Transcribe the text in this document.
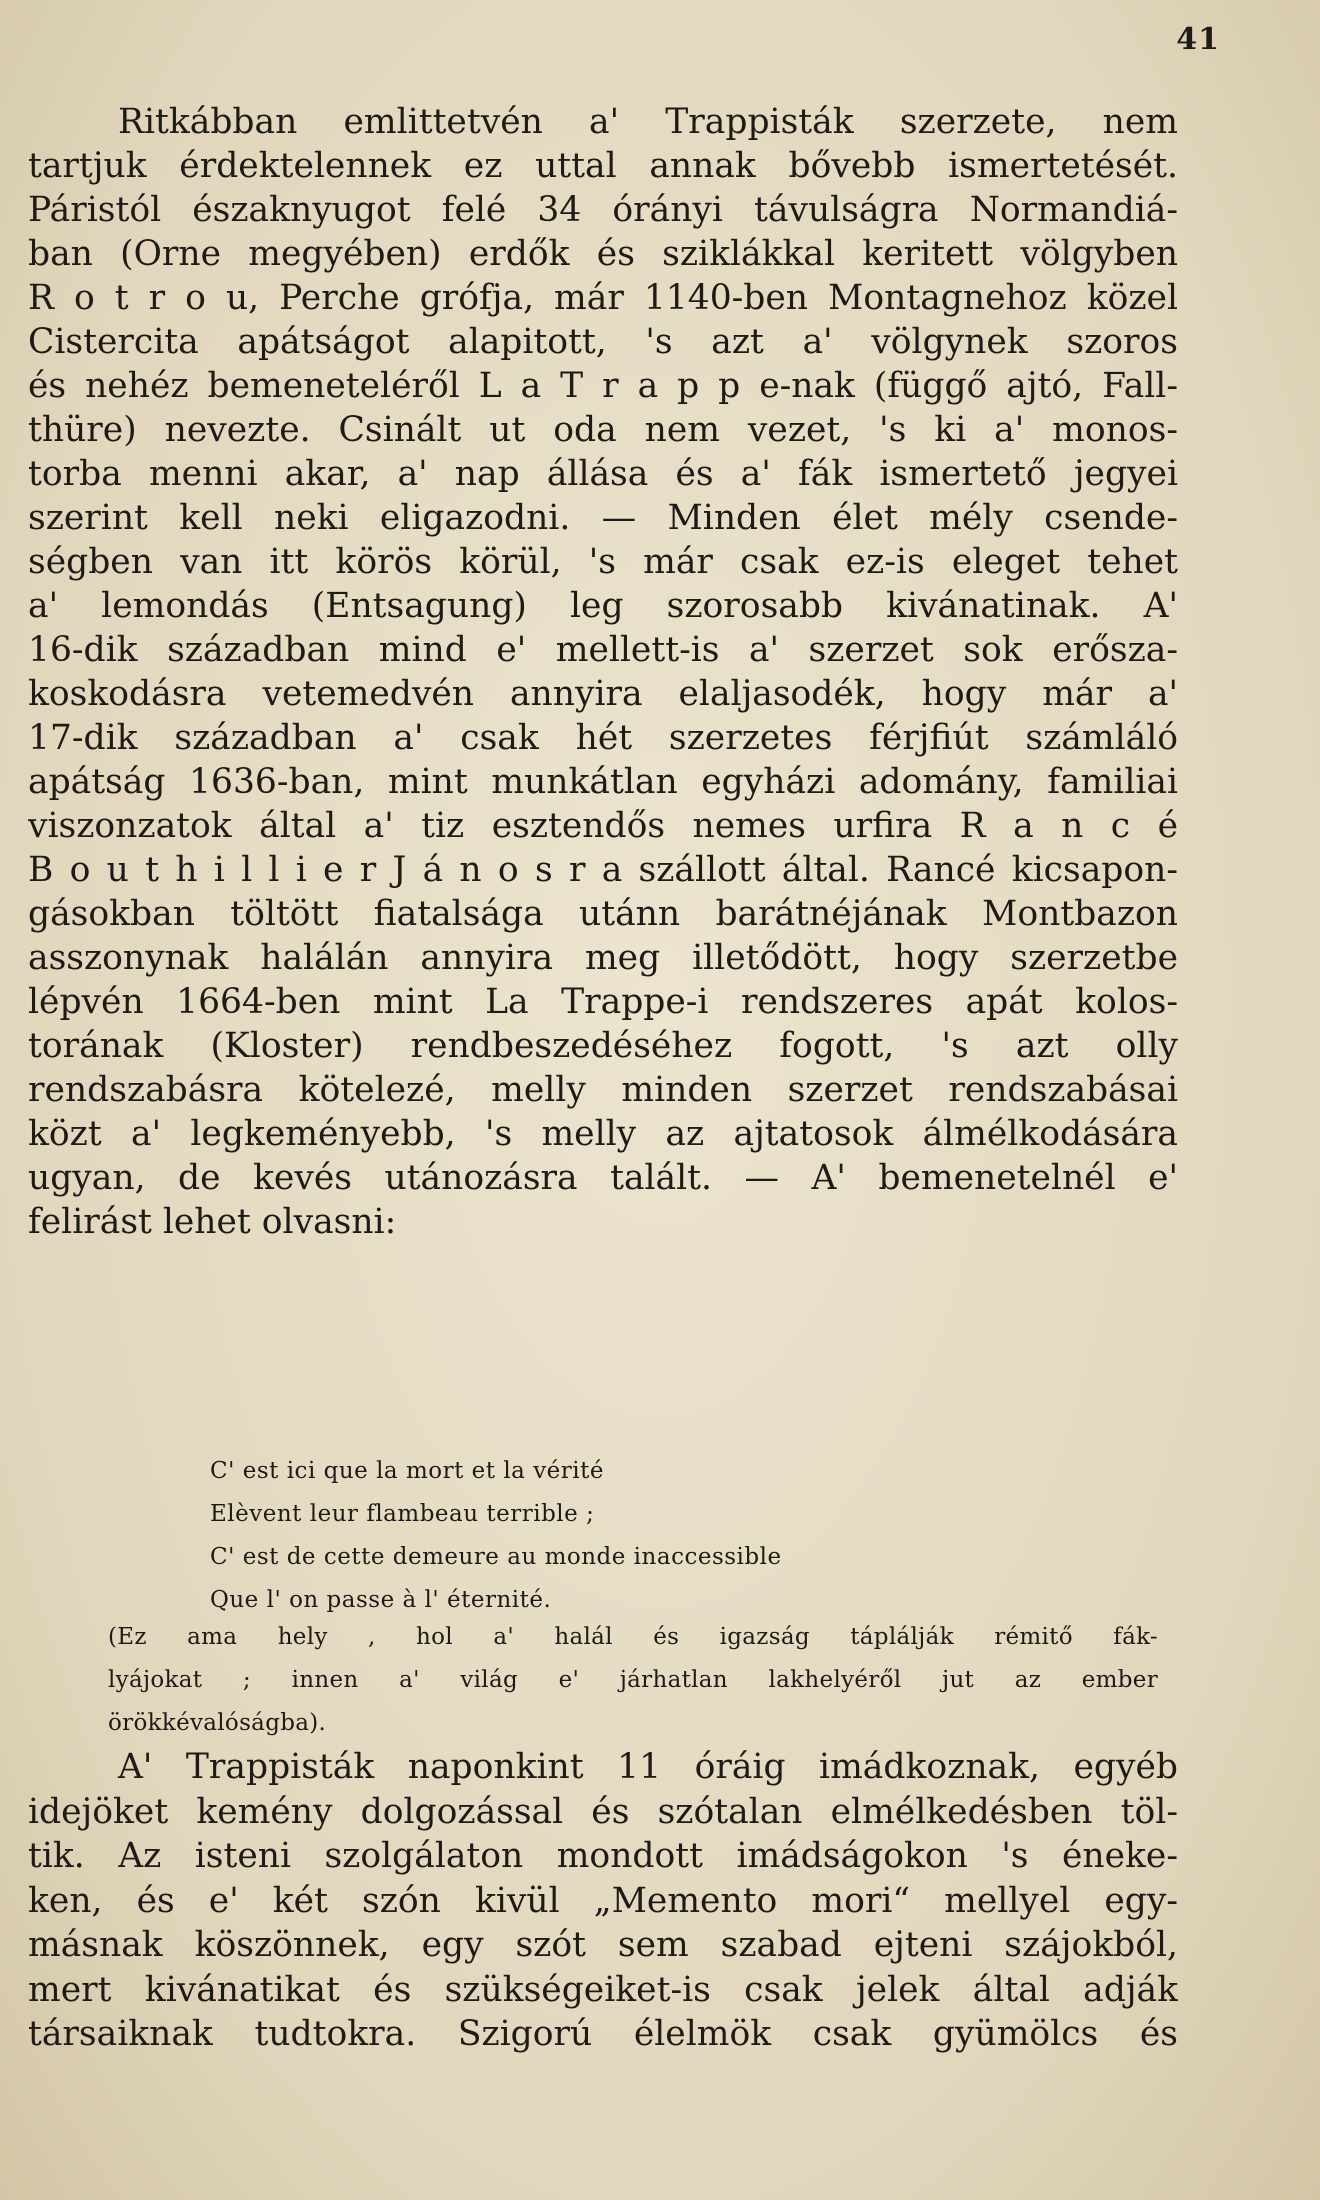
41
Ritkábban emlittetvén a' Trappisták szerzete, nem
tartjuk érdektelennek ez uttal annak bővebb ismertetését.
Páristól északnyugot felé 34 órányi távulságra Normandiá-
ban (Orne megyében) erdők és sziklákkal keritett völgyben
R o t r o u, Perche grófja, már 1140-ben Montagnehoz közel
Cistercita apátságot alapitott, 's azt a' völgynek szoros
és nehéz bemeneteléről L a T r a p p e-nak (függő ajtó, Fall-
thüre) nevezte. Csinált ut oda nem vezet, 's ki a' monos-
torba menni akar, a' nap állása és a' fák ismertető jegyei
szerint kell neki eligazodni. — Minden élet mély csende-
ségben van itt körös körül, 's már csak ez-is eleget tehet
a' lemondás (Entsagung) leg szorosabb kivánatinak. A'
16-dik században mind e' mellett-is a' szerzet sok erősza-
koskodásra vetemedvén annyira elaljasodék, hogy már a'
17-dik században a' csak hét szerzetes férjfiút számláló
apátság 1636-ban, mint munkátlan egyházi adomány, familiai
viszonzatok által a' tiz esztendős nemes urfira R a n c é
B o u t h i l l i e r J á n o s r a szállott által. Rancé kicsapon-
gásokban töltött fiatalsága utánn barátnéjának Montbazon
asszonynak halálán annyira meg illetődött, hogy szerzetbe
lépvén 1664-ben mint La Trappe-i rendszeres apát kolos-
torának (Kloster) rendbeszedéséhez fogott, 's azt olly
rendszabásra kötelezé, melly minden szerzet rendszabásai
közt a' legkeményebb, 's melly az ajtatosok álmélkodására
ugyan, de kevés utánozásra talált. — A' bemenetelnél e'
felirást lehet olvasni:
C' est ici que la mort et la vérité
Elèvent leur flambeau terrible ;
C' est de cette demeure au monde inaccessible
Que l' on passe à l' éternité.
(Ez ama hely , hol a' halál és igazság táplálják rémitő fák-
lyájokat ; innen a' világ e' járhatlan lakhelyéről jut az ember
örökkévalóságba).
A' Trappisták naponkint 11 óráig imádkoznak, egyéb
idejöket kemény dolgozással és szótalan elmélkedésben töl-
tik. Az isteni szolgálaton mondott imádságokon 's éneke-
ken, és e' két szón kivül „Memento mori“ mellyel egy-
másnak köszönnek, egy szót sem szabad ejteni szájokból,
mert kivánatikat és szükségeiket-is csak jelek által adják
társaiknak tudtokra. Szigorú élelmök csak gyümölcs és
